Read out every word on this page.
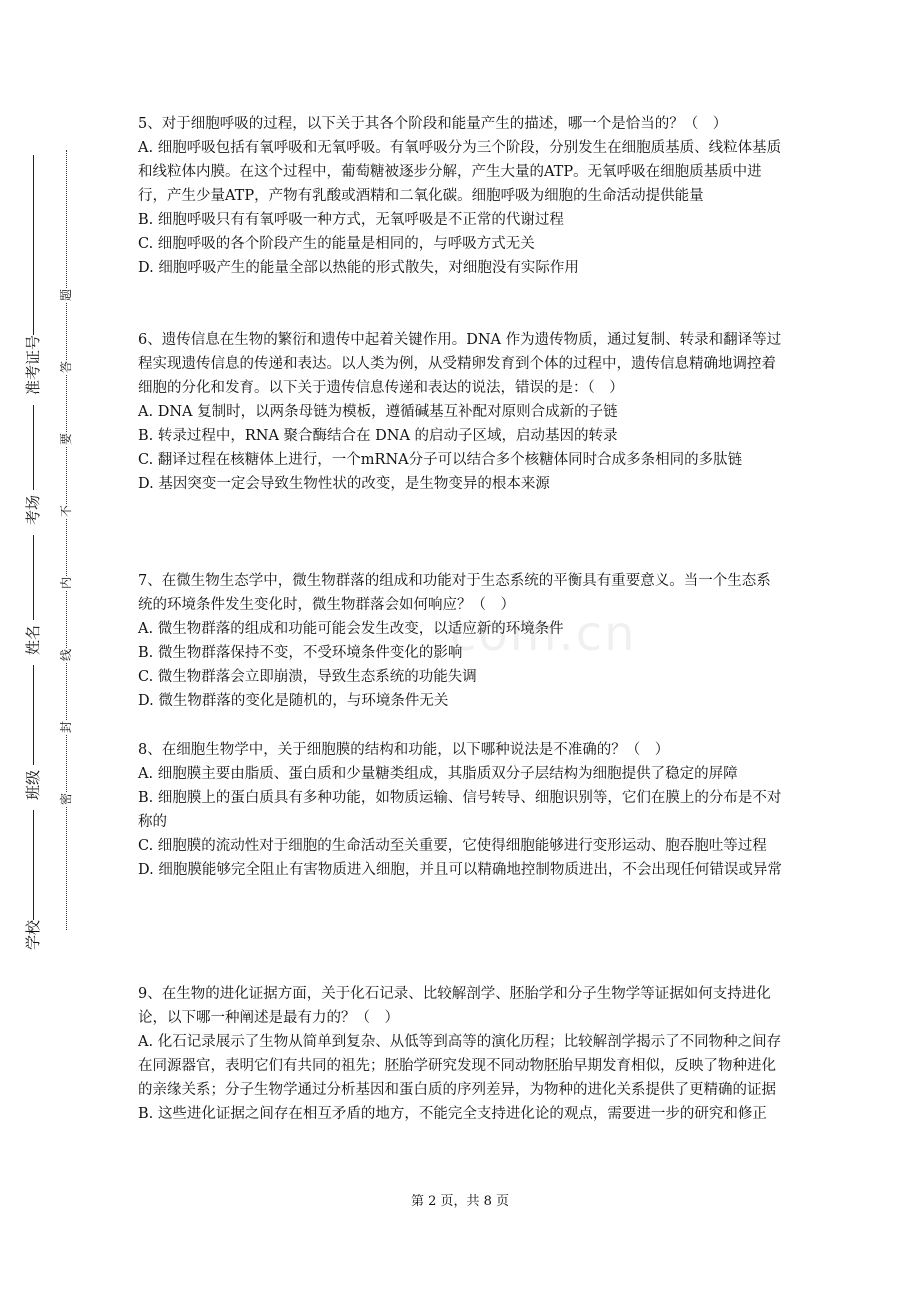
准考证号
考场
姓名
班级
学校
题
答
要
不
内
线
封
密
com.cn

5、对于细胞呼吸的过程，以下关于其各个阶段和能量产生的描述，哪一个是恰当的？（　）

A. 细胞呼吸包括有氧呼吸和无氧呼吸。有氧呼吸分为三个阶段，分别发生在细胞质基质、线粒体基质和线粒体内膜。在这个过程中，葡萄糖被逐步分解，产生大量的ATP。无氧呼吸在细胞质基质中进行，产生少量ATP，产物有乳酸或酒精和二氧化碳。细胞呼吸为细胞的生命活动提供能量

B. 细胞呼吸只有有氧呼吸一种方式，无氧呼吸是不正常的代谢过程

C. 细胞呼吸的各个阶段产生的能量是相同的，与呼吸方式无关

D. 细胞呼吸产生的能量全部以热能的形式散失，对细胞没有实际作用

6、遗传信息在生物的繁衍和遗传中起着关键作用。DNA 作为遗传物质，通过复制、转录和翻译等过程实现遗传信息的传递和表达。以人类为例，从受精卵发育到个体的过程中，遗传信息精确地调控着细胞的分化和发育。以下关于遗传信息传递和表达的说法，错误的是：（　）

A. DNA 复制时，以两条母链为模板，遵循碱基互补配对原则合成新的子链

B. 转录过程中，RNA 聚合酶结合在 DNA 的启动子区域，启动基因的转录

C. 翻译过程在核糖体上进行，一个mRNA分子可以结合多个核糖体同时合成多条相同的多肽链

D. 基因突变一定会导致生物性状的改变，是生物变异的根本来源

7、在微生物生态学中，微生物群落的组成和功能对于生态系统的平衡具有重要意义。当一个生态系统的环境条件发生变化时，微生物群落会如何响应？（　）

A. 微生物群落的组成和功能可能会发生改变，以适应新的环境条件

B. 微生物群落保持不变，不受环境条件变化的影响

C. 微生物群落会立即崩溃，导致生态系统的功能失调

D. 微生物群落的变化是随机的，与环境条件无关

8、在细胞生物学中，关于细胞膜的结构和功能，以下哪种说法是不准确的？（　）

A. 细胞膜主要由脂质、蛋白质和少量糖类组成，其脂质双分子层结构为细胞提供了稳定的屏障

B. 细胞膜上的蛋白质具有多种功能，如物质运输、信号转导、细胞识别等，它们在膜上的分布是不对称的

C. 细胞膜的流动性对于细胞的生命活动至关重要，它使得细胞能够进行变形运动、胞吞胞吐等过程

D. 细胞膜能够完全阻止有害物质进入细胞，并且可以精确地控制物质进出，不会出现任何错误或异常

9、在生物的进化证据方面，关于化石记录、比较解剖学、胚胎学和分子生物学等证据如何支持进化论，以下哪一种阐述是最有力的？（　）

A. 化石记录展示了生物从简单到复杂、从低等到高等的演化历程；比较解剖学揭示了不同物种之间存在同源器官，表明它们有共同的祖先；胚胎学研究发现不同动物胚胎早期发育相似，反映了物种进化的亲缘关系；分子生物学通过分析基因和蛋白质的序列差异，为物种的进化关系提供了更精确的证据

B. 这些进化证据之间存在相互矛盾的地方，不能完全支持进化论的观点，需要进一步的研究和修正

第 2 页，共 8 页
